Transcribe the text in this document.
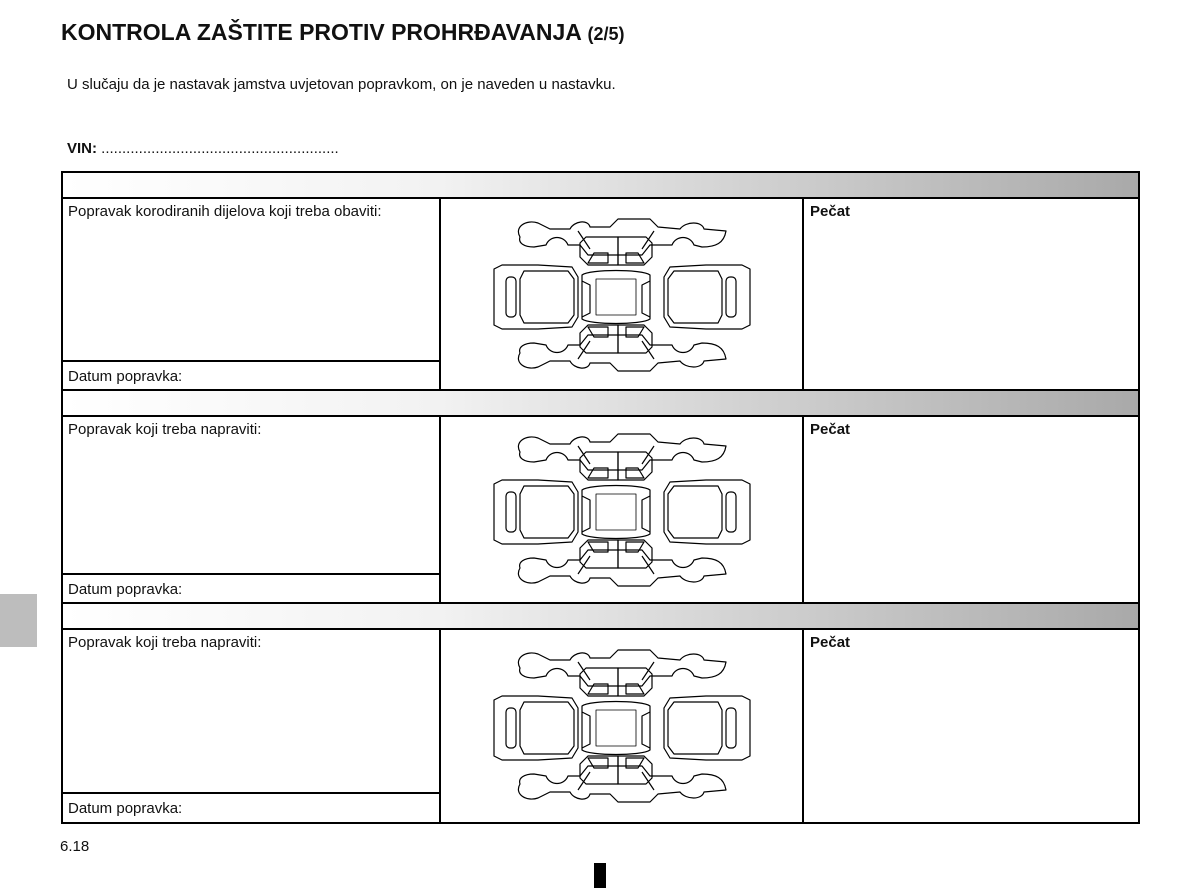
KONTROLA ZAŠTITE PROTIV PROHRĐAVANJA (2/5)
U slučaju da je nastavak jamstva uvjetovan popravkom, on je naveden u nastavku.
VIN: .........................................................
Popravak korodiranih dijelova koji treba obaviti:
Datum popravka:
Pečat
Popravak koji treba napraviti:
Datum popravka:
Pečat
Popravak koji treba napraviti:
Datum popravka:
Pečat
6.18
